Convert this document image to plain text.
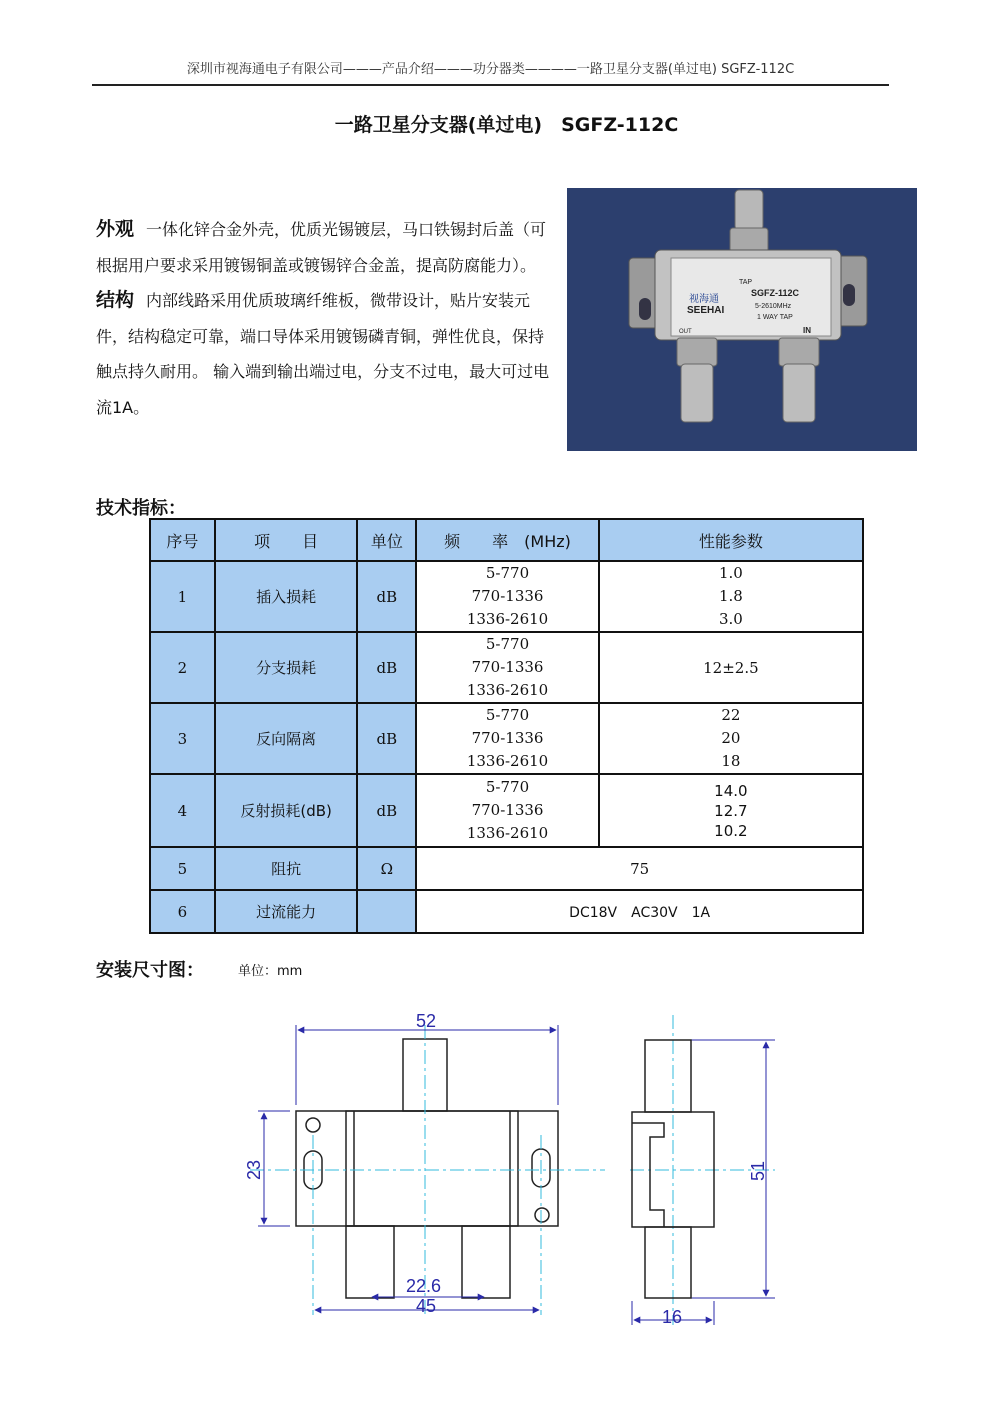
深圳市视海通电子有限公司———产品介绍———功分器类————一路卫星分支器(单过电) SGFZ-112C
一路卫星分支器(单过电)　SGFZ-112C
TAP
视海通
SEEHAI
SGFZ-112C
5-2610MHz
1 WAY TAP
OUT	IN

外观 一体化锌合金外壳，优质光锡镀层，马口铁锡封后盖（可根据用户要求采用镀锡铜盖或镀锡锌合金盖，提高防腐能力）。

结构 内部线路采用优质玻璃纤维板，微带设计，贴片安装元件，结构稳定可靠，端口导体采用镀锡磷青铜，弹性优良，保持触点持久耐用。 输入端到输出端过电，分支不过电，最大可过电流1A。

技术指标：
序号	项　　目	单位	频　　率　(MHz)	性能参数
1	插入损耗	dB	5-770
770-1336
1336-2610	1.0
1.8
3.0

2	分支损耗	dB	5-770
770-1336
1336-2610	12±2.5
3	反向隔离	dB	5-770
770-1336
1336-2610	22
20
18

4	反射损耗(dB)	dB	5-770
770-1336
1336-2610	14.0
12.7
10.2

5	阻抗	Ω	75	
6	过流能力		DC18V　AC30V　1A	
安装尺寸图：	单位：mm
52
23
22.6
45
51
16
